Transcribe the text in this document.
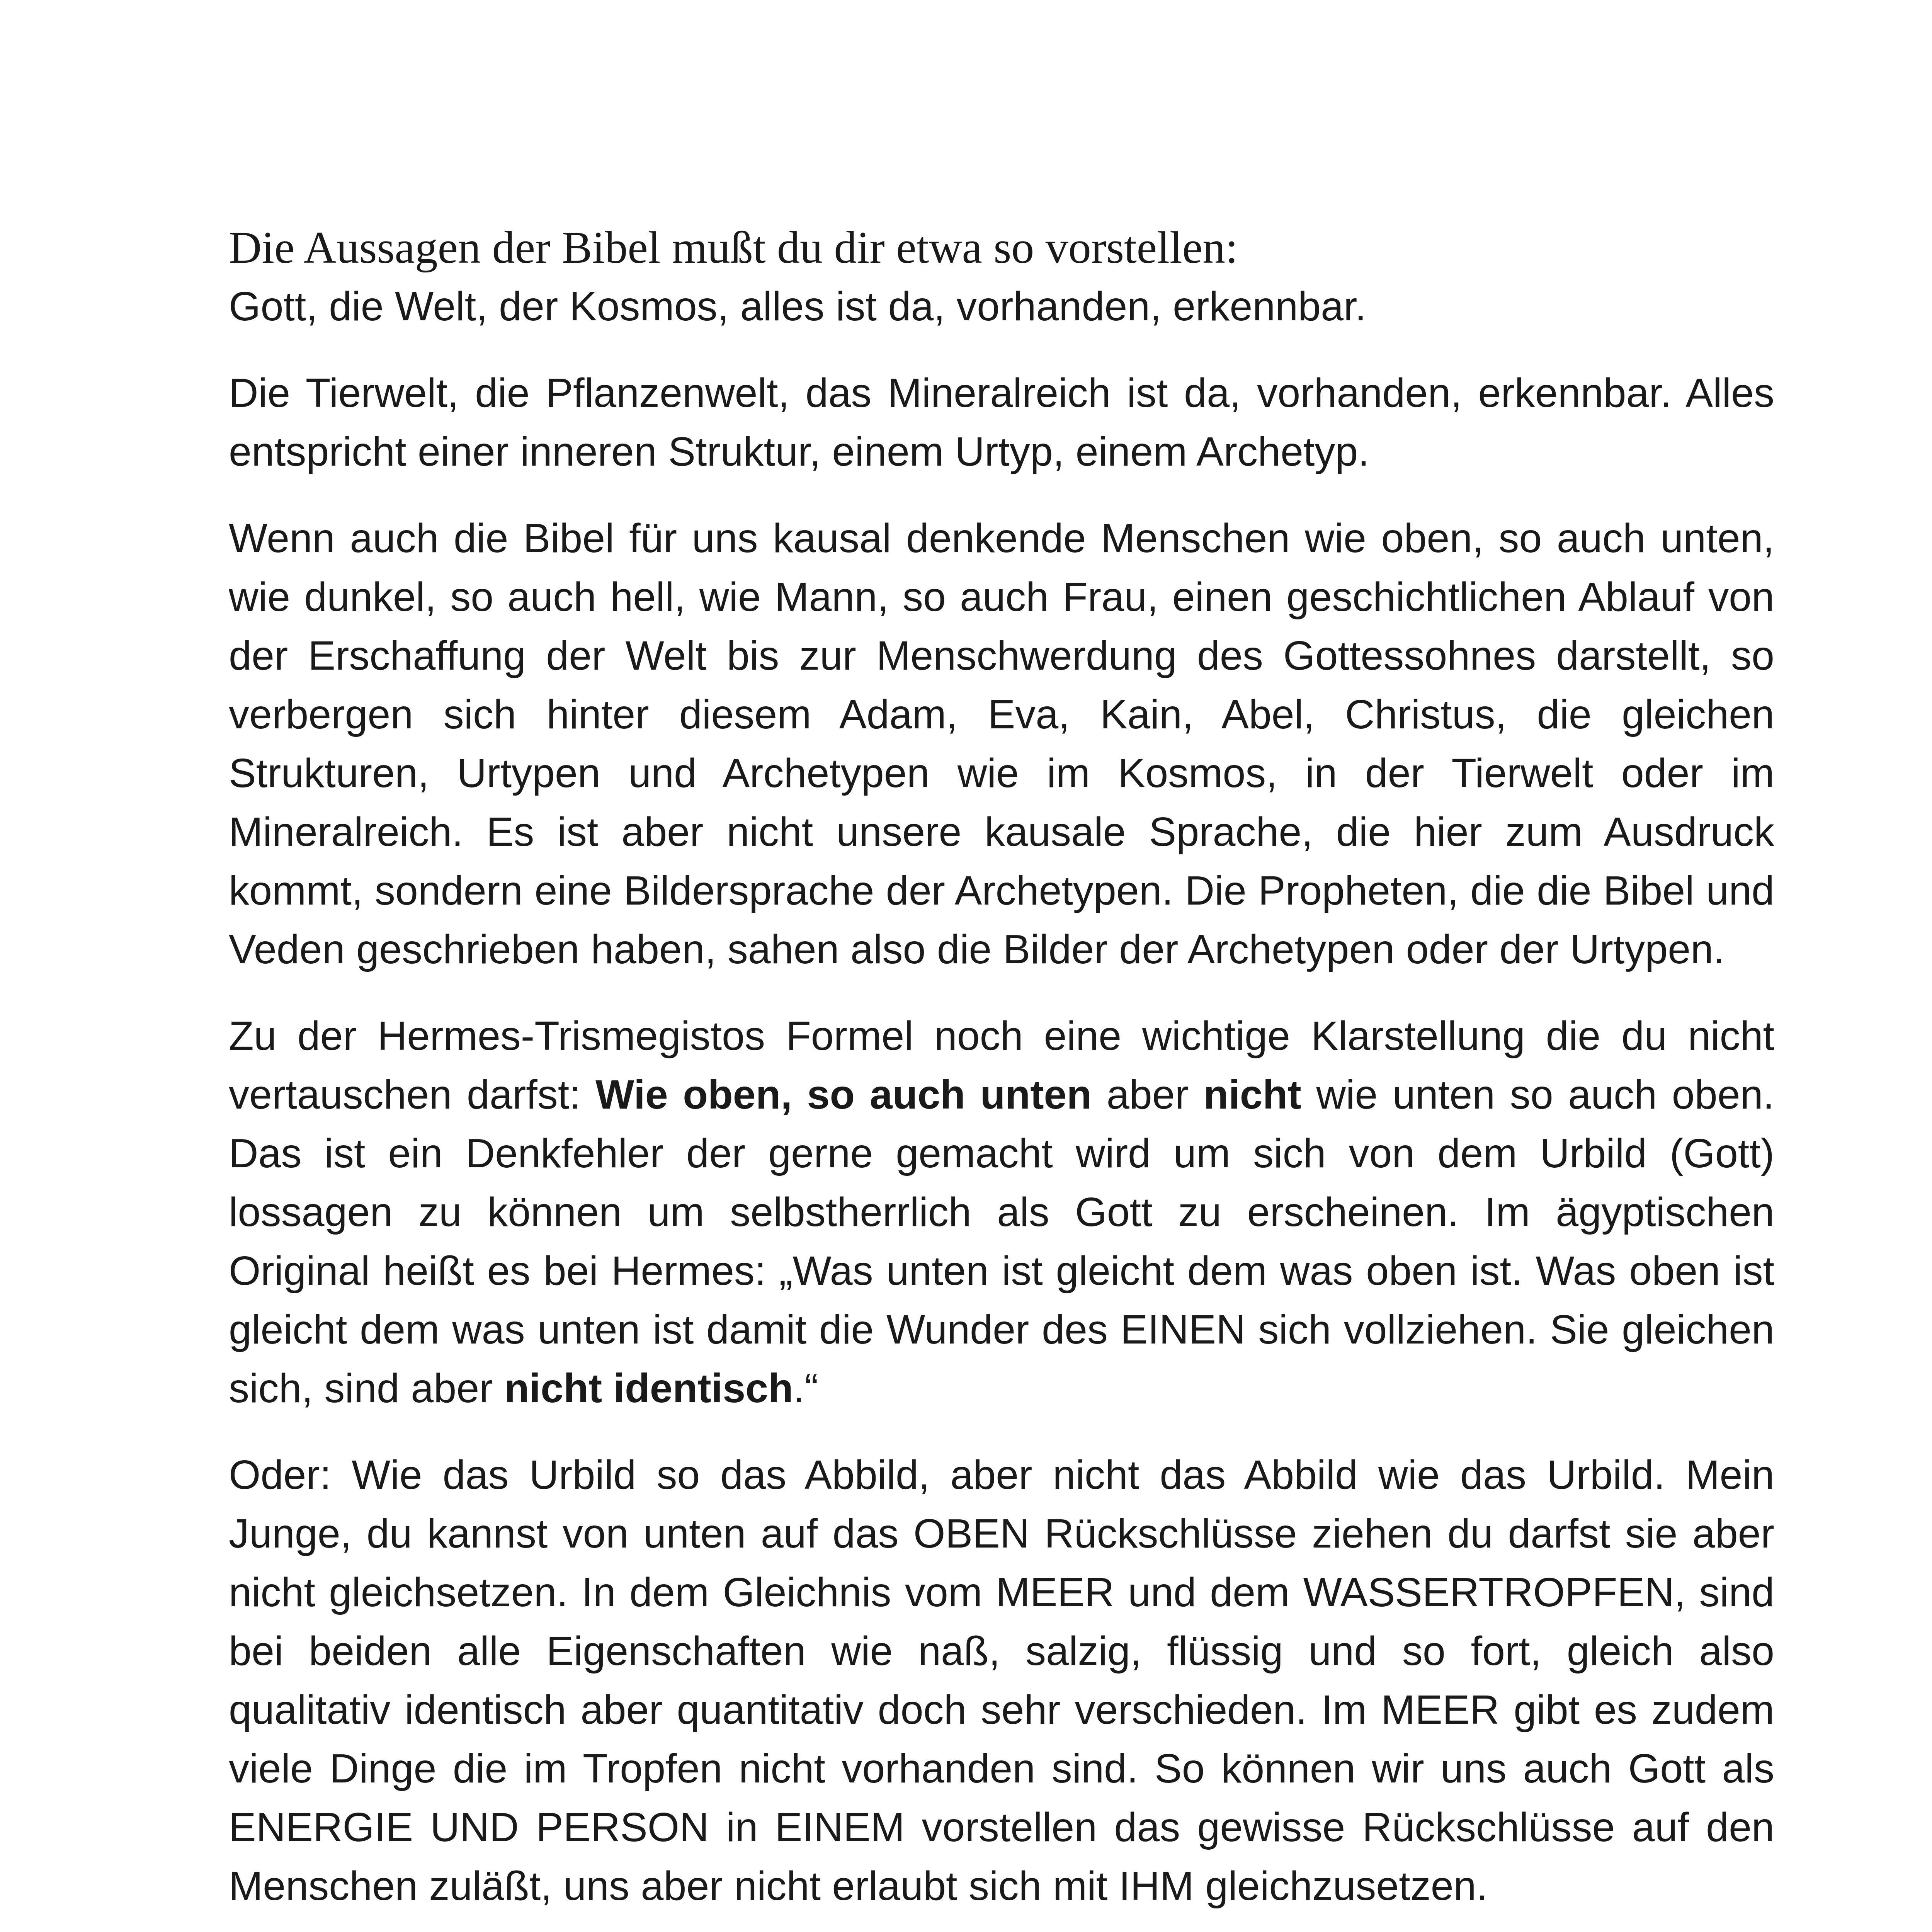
Die Aussagen der Bibel mußt du dir etwa so vorstellen:

Gott, die Welt, der Kosmos, alles ist da, vorhanden, erkennbar.

Die Tierwelt, die Pflanzenwelt, das Mineralreich ist da, vorhanden, erkennbar. Alles entspricht einer inneren Struktur, einem Urtyp, einem Archetyp.

Wenn auch die Bibel für uns kausal denkende Menschen wie oben, so auch unten, wie dunkel, so auch hell, wie Mann, so auch Frau, einen geschichtlichen Ablauf von der Erschaffung der Welt bis zur Menschwerdung des Gottessohnes darstellt, so verbergen sich hinter diesem Adam, Eva, Kain, Abel, Christus, die gleichen Strukturen, Urtypen und Archetypen wie im Kosmos, in der Tierwelt oder im Mineralreich. Es ist aber nicht unsere kausale Sprache, die hier zum Ausdruck kommt, sondern eine Bildersprache der Archetypen. Die Propheten, die die Bibel und Veden geschrieben haben, sahen also die Bilder der Archetypen oder der Urtypen.

Zu der Hermes-Trismegistos Formel noch eine wichtige Klarstellung die du nicht vertauschen darfst: Wie oben, so auch unten aber nicht wie unten so auch oben. Das ist ein Denkfehler der gerne gemacht wird um sich von dem Urbild (Gott) lossagen zu können um selbstherrlich als Gott zu erscheinen. Im ägyptischen Original heißt es bei Hermes: „Was unten ist gleicht dem was oben ist. Was oben ist gleicht dem was unten ist damit die Wunder des EINEN sich vollziehen. Sie gleichen sich, sind aber nicht identisch.“

Oder: Wie das Urbild so das Abbild, aber nicht das Abbild wie das Urbild. Mein Junge, du kannst von unten auf das OBEN Rückschlüsse ziehen du darfst sie aber nicht gleichsetzen. In dem Gleichnis vom MEER und dem WASSERTROPFEN, sind bei beiden alle Eigenschaften wie naß, salzig, flüssig und so fort, gleich also qualitativ identisch aber quantitativ doch sehr verschieden. Im MEER gibt es zudem viele Dinge die im Tropfen nicht vorhanden sind. So können wir uns auch Gott als ENERGIE UND PERSON in EINEM vorstellen das gewisse Rückschlüsse auf den Menschen zuläßt, uns aber nicht erlaubt sich mit IHM gleichzusetzen.
